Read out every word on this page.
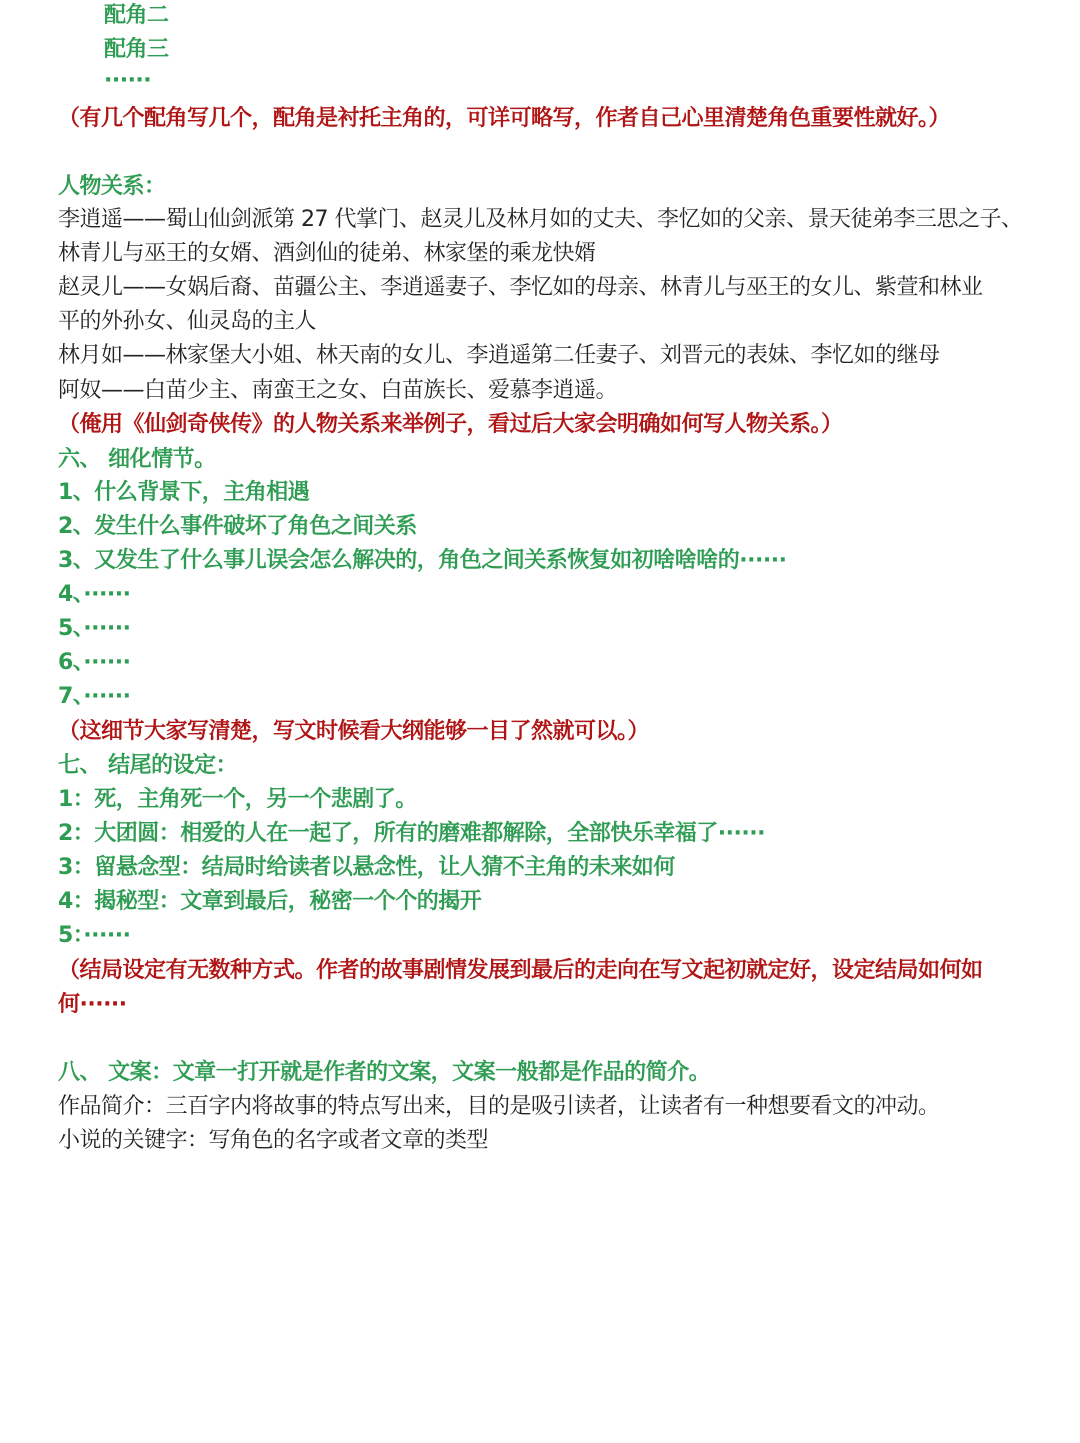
配角二
配角三
······
（有几个配角写几个，配角是衬托主角的，可详可略写，作者自己心里清楚角色重要性就好。）
人物关系：
李逍遥——蜀山仙剑派第 27 代掌门、赵灵儿及林月如的丈夫、李忆如的父亲、景天徒弟李三思之子、
林青儿与巫王的女婿、酒剑仙的徒弟、林家堡的乘龙快婿
赵灵儿——女娲后裔、苗疆公主、李逍遥妻子、李忆如的母亲、林青儿与巫王的女儿、紫萱和林业
平的外孙女、仙灵岛的主人
林月如——林家堡大小姐、林天南的女儿、李逍遥第二任妻子、刘晋元的表妹、李忆如的继母
阿奴——白苗少主、南蛮王之女、白苗族长、爱慕李逍遥。
（俺用《仙剑奇侠传》的人物关系来举例子，看过后大家会明确如何写人物关系。）
六、 细化情节。
1、什么背景下，主角相遇
2、发生什么事件破坏了角色之间关系
3、又发生了什么事儿误会怎么解决的，角色之间关系恢复如初啥啥啥的······
4、······
5、······
6、······
7、······
（这细节大家写清楚，写文时候看大纲能够一目了然就可以。）
七、 结尾的设定：
1：死，主角死一个，另一个悲剧了。
2：大团圆：相爱的人在一起了，所有的磨难都解除，全部快乐幸福了······
3：留悬念型：结局时给读者以悬念性，让人猜不主角的未来如何
4：揭秘型：文章到最后，秘密一个个的揭开
5：······
（结局设定有无数种方式。作者的故事剧情发展到最后的走向在写文起初就定好，设定结局如何如
何······
八、 文案：文章一打开就是作者的文案，文案一般都是作品的简介。
作品简介：三百字内将故事的特点写出来，目的是吸引读者，让读者有一种想要看文的冲动。
小说的关键字：写角色的名字或者文章的类型
